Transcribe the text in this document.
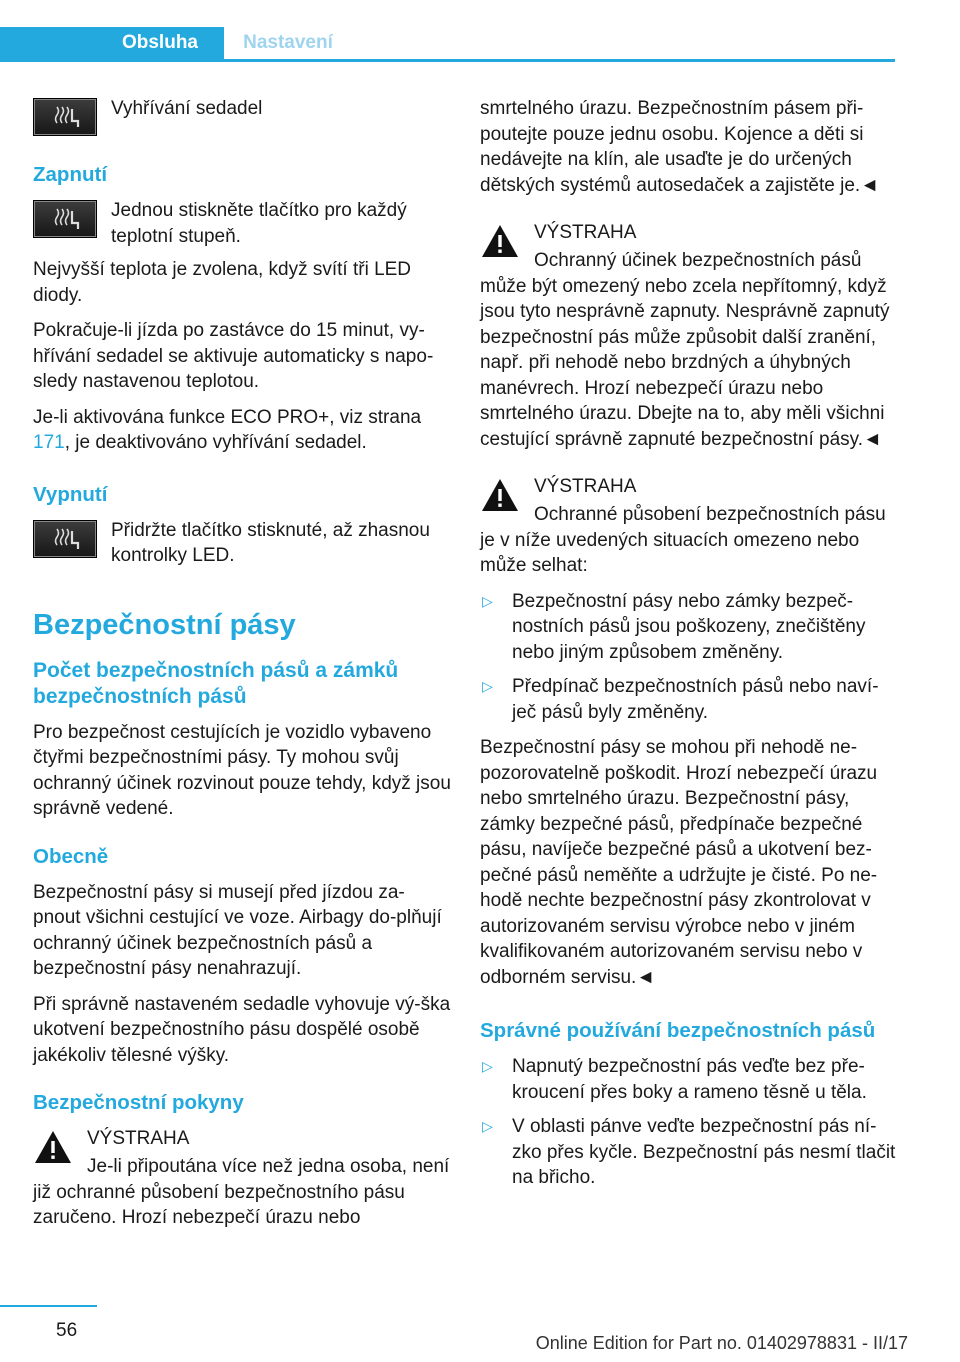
Obsluha	Nastavení
Vyhřívání sedadel
Zapnutí
Jednou stiskněte tlačítko pro každý teplotní stupeň.

Nejvyšší teplota je zvolena, když svítí tři LED diody.

Pokračuje-li jízda po zastávce do 15 minut, vy‐hřívání sedadel se aktivuje automaticky s napo‐sledy nastavenou teplotou.

Je-li aktivována funkce ECO PRO+, viz strana 171, je deaktivováno vyhřívání sedadel.

Vypnutí
Přidržte tlačítko stisknuté, až zhasnou kontrolky LED.
Bezpečnostní pásy
Počet bezpečnostních pásů a zámků bezpečnostních pásů

Pro bezpečnost cestujících je vozidlo vybaveno čtyřmi bezpečnostními pásy. Ty mohou svůj ochranný účinek rozvinout pouze tehdy, když jsou správně vedené.

Obecně

Bezpečnostní pásy si musejí před jízdou za‐pnout všichni cestující ve voze. Airbagy do‐plňují ochranný účinek bezpečnostních pásů a bezpečnostní pásy nenahrazují.

Při správně nastaveném sedadle vyhovuje vý‐ška ukotvení bezpečnostního pásu dospělé osobě jakékoliv tělesné výšky.

Bezpečnostní pokyny
VÝSTRAHA

Je-li připoutána více než jedna osoba, není již ochranné působení bezpečnostního pásu zaručeno. Hrozí nebezpečí úrazu nebo

smrtelného úrazu. Bezpečnostním pásem při‐poutejte pouze jednu osobu. Kojence a děti si nedávejte na klín, ale usaďte je do určených dětských systémů autosedaček a zajistěte je.◄

VÝSTRAHA

Ochranný účinek bezpečnostních pásů může být omezený nebo zcela nepřítomný, když jsou tyto nesprávně zapnuty. Nesprávně zapnutý bezpečnostní pás může způsobit další zranění, např. při nehodě nebo brzdných a úhybných manévrech. Hrozí nebezpečí úrazu nebo smrtelného úrazu. Dbejte na to, aby měli všichni cestující správně zapnuté bezpečnostní pásy.◄

VÝSTRAHA

Ochranné působení bezpečnostních pásu je v níže uvedených situacích omezeno nebo může selhat:

▷ Bezpečnostní pásy nebo zámky bezpeč‐nostních pásů jsou poškozeny, znečištěny nebo jiným způsobem změněny.
▷ Předpínač bezpečnostních pásů nebo naví‐ječ pásů byly změněny.

Bezpečnostní pásy se mohou při nehodě ne‐pozorovatelně poškodit. Hrozí nebezpečí úrazu nebo smrtelného úrazu. Bezpečnostní pásy, zámky bezpečné pásů, předpínače bezpečné pásu, navíječe bezpečné pásů a ukotvení bez‐pečné pásů neměňte a udržujte je čisté. Po ne‐hodě nechte bezpečnostní pásy zkontrolovat v autorizovaném servisu výrobce nebo v jiném kvalifikovaném autorizovaném servisu nebo v odborném servisu.◄

Správné používání bezpečnostních pásů
▷ Napnutý bezpečnostní pás veďte bez pře‐kroucení přes boky a rameno těsně u těla.
▷ V oblasti pánve veďte bezpečnostní pás ní‐zko přes kyčle. Bezpečnostní pás nesmí tlačit na břicho.
56
Online Edition for Part no. 01402978831 - II/17
